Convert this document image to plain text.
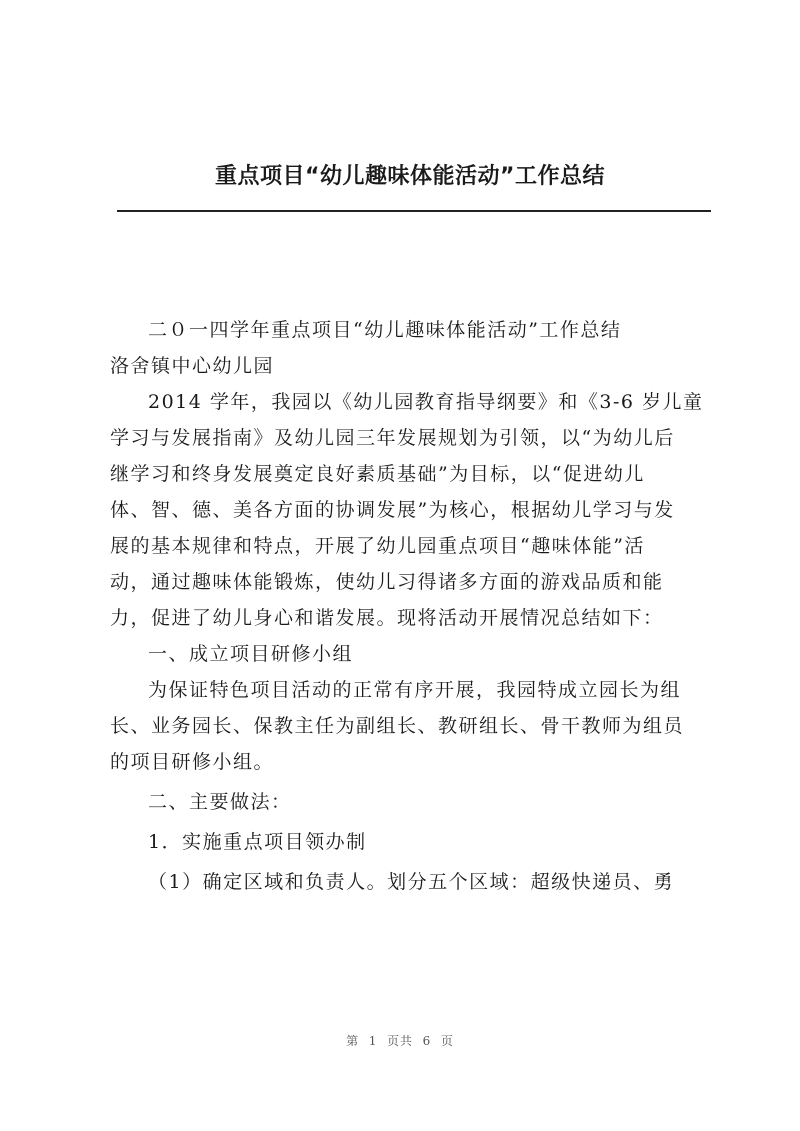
重点项目“幼儿趣味体能活动”工作总结
二０一四学年重点项目“幼儿趣味体能活动”工作总结
洛舍镇中心幼儿园
2014 学年，我园以《幼儿园教育指导纲要》和《3-6 岁儿童
学习与发展指南》及幼儿园三年发展规划为引领，以“为幼儿后
继学习和终身发展奠定良好素质基础”为目标，以“促进幼儿
体、智、德、美各方面的协调发展”为核心，根据幼儿学习与发
展的基本规律和特点，开展了幼儿园重点项目“趣味体能”活
动，通过趣味体能锻炼，使幼儿习得诸多方面的游戏品质和能
力，促进了幼儿身心和谐发展。现将活动开展情况总结如下：
一、成立项目研修小组
为保证特色项目活动的正常有序开展，我园特成立园长为组
长、业务园长、保教主任为副组长、教研组长、骨干教师为组员
的项目研修小组。
二、主要做法：
1．实施重点项目领办制
（1）确定区域和负责人。划分五个区域：超级快递员、勇
第  1  页共  6  页
